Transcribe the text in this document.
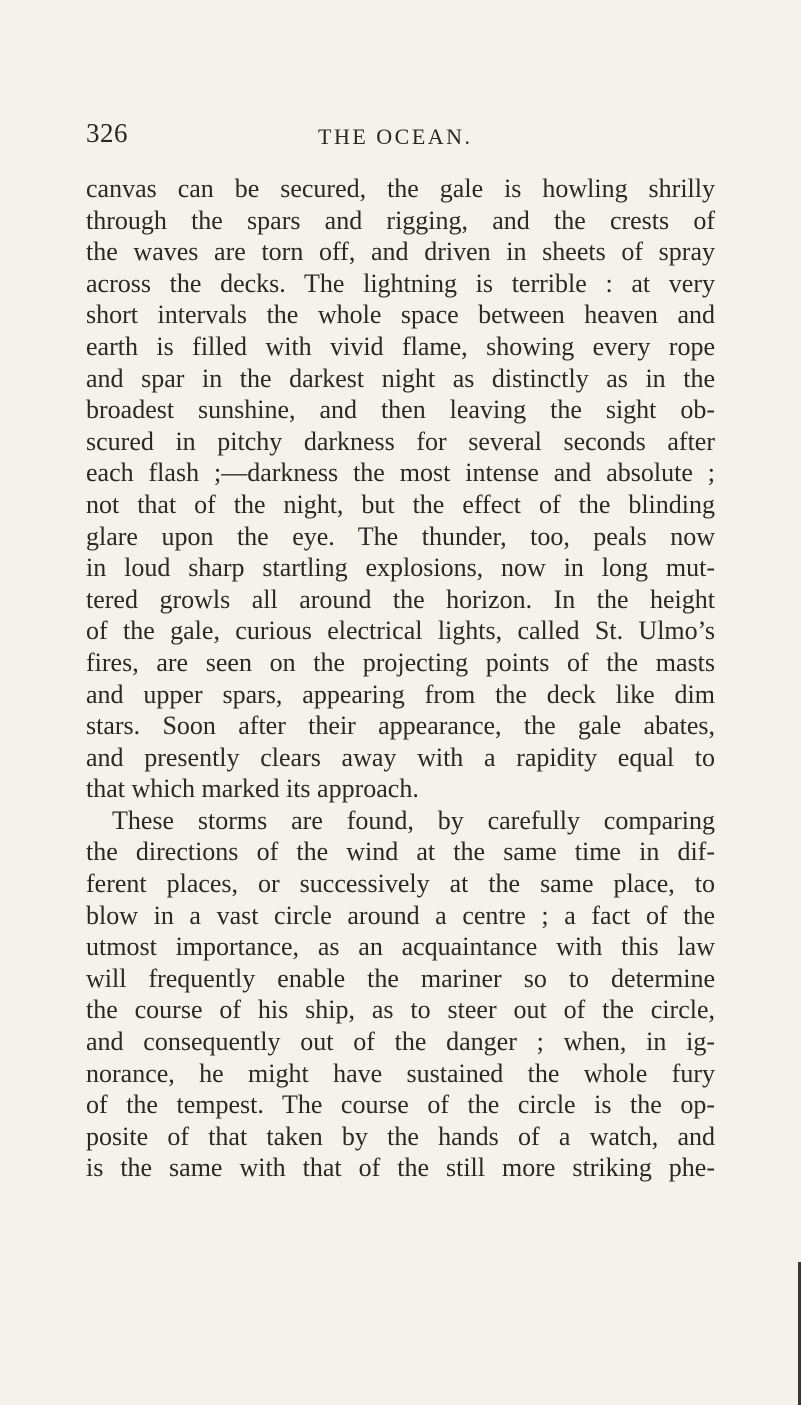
326	THE OCEAN.
canvas can be secured, the gale is howling shrilly
through the spars and rigging, and the crests of
the waves are torn off, and driven in sheets of spray
across the decks. The lightning is terrible : at very
short intervals the whole space between heaven and
earth is filled with vivid flame, showing every rope
and spar in the darkest night as distinctly as in the
broadest sunshine, and then leaving the sight ob-
scured in pitchy darkness for several seconds after
each flash ;—darkness the most intense and absolute ;
not that of the night, but the effect of the blinding
glare upon the eye. The thunder, too, peals now
in loud sharp startling explosions, now in long mut-
tered growls all around the horizon. In the height
of the gale, curious electrical lights, called St. Ulmo’s
fires, are seen on the projecting points of the masts
and upper spars, appearing from the deck like dim
stars. Soon after their appearance, the gale abates,
and presently clears away with a rapidity equal to
that which marked its approach.
These storms are found, by carefully comparing
the directions of the wind at the same time in dif-
ferent places, or successively at the same place, to
blow in a vast circle around a centre ; a fact of the
utmost importance, as an acquaintance with this law
will frequently enable the mariner so to determine
the course of his ship, as to steer out of the circle,
and consequently out of the danger ; when, in ig-
norance, he might have sustained the whole fury
of the tempest. The course of the circle is the op-
posite of that taken by the hands of a watch, and
is the same with that of the still more striking phe-
